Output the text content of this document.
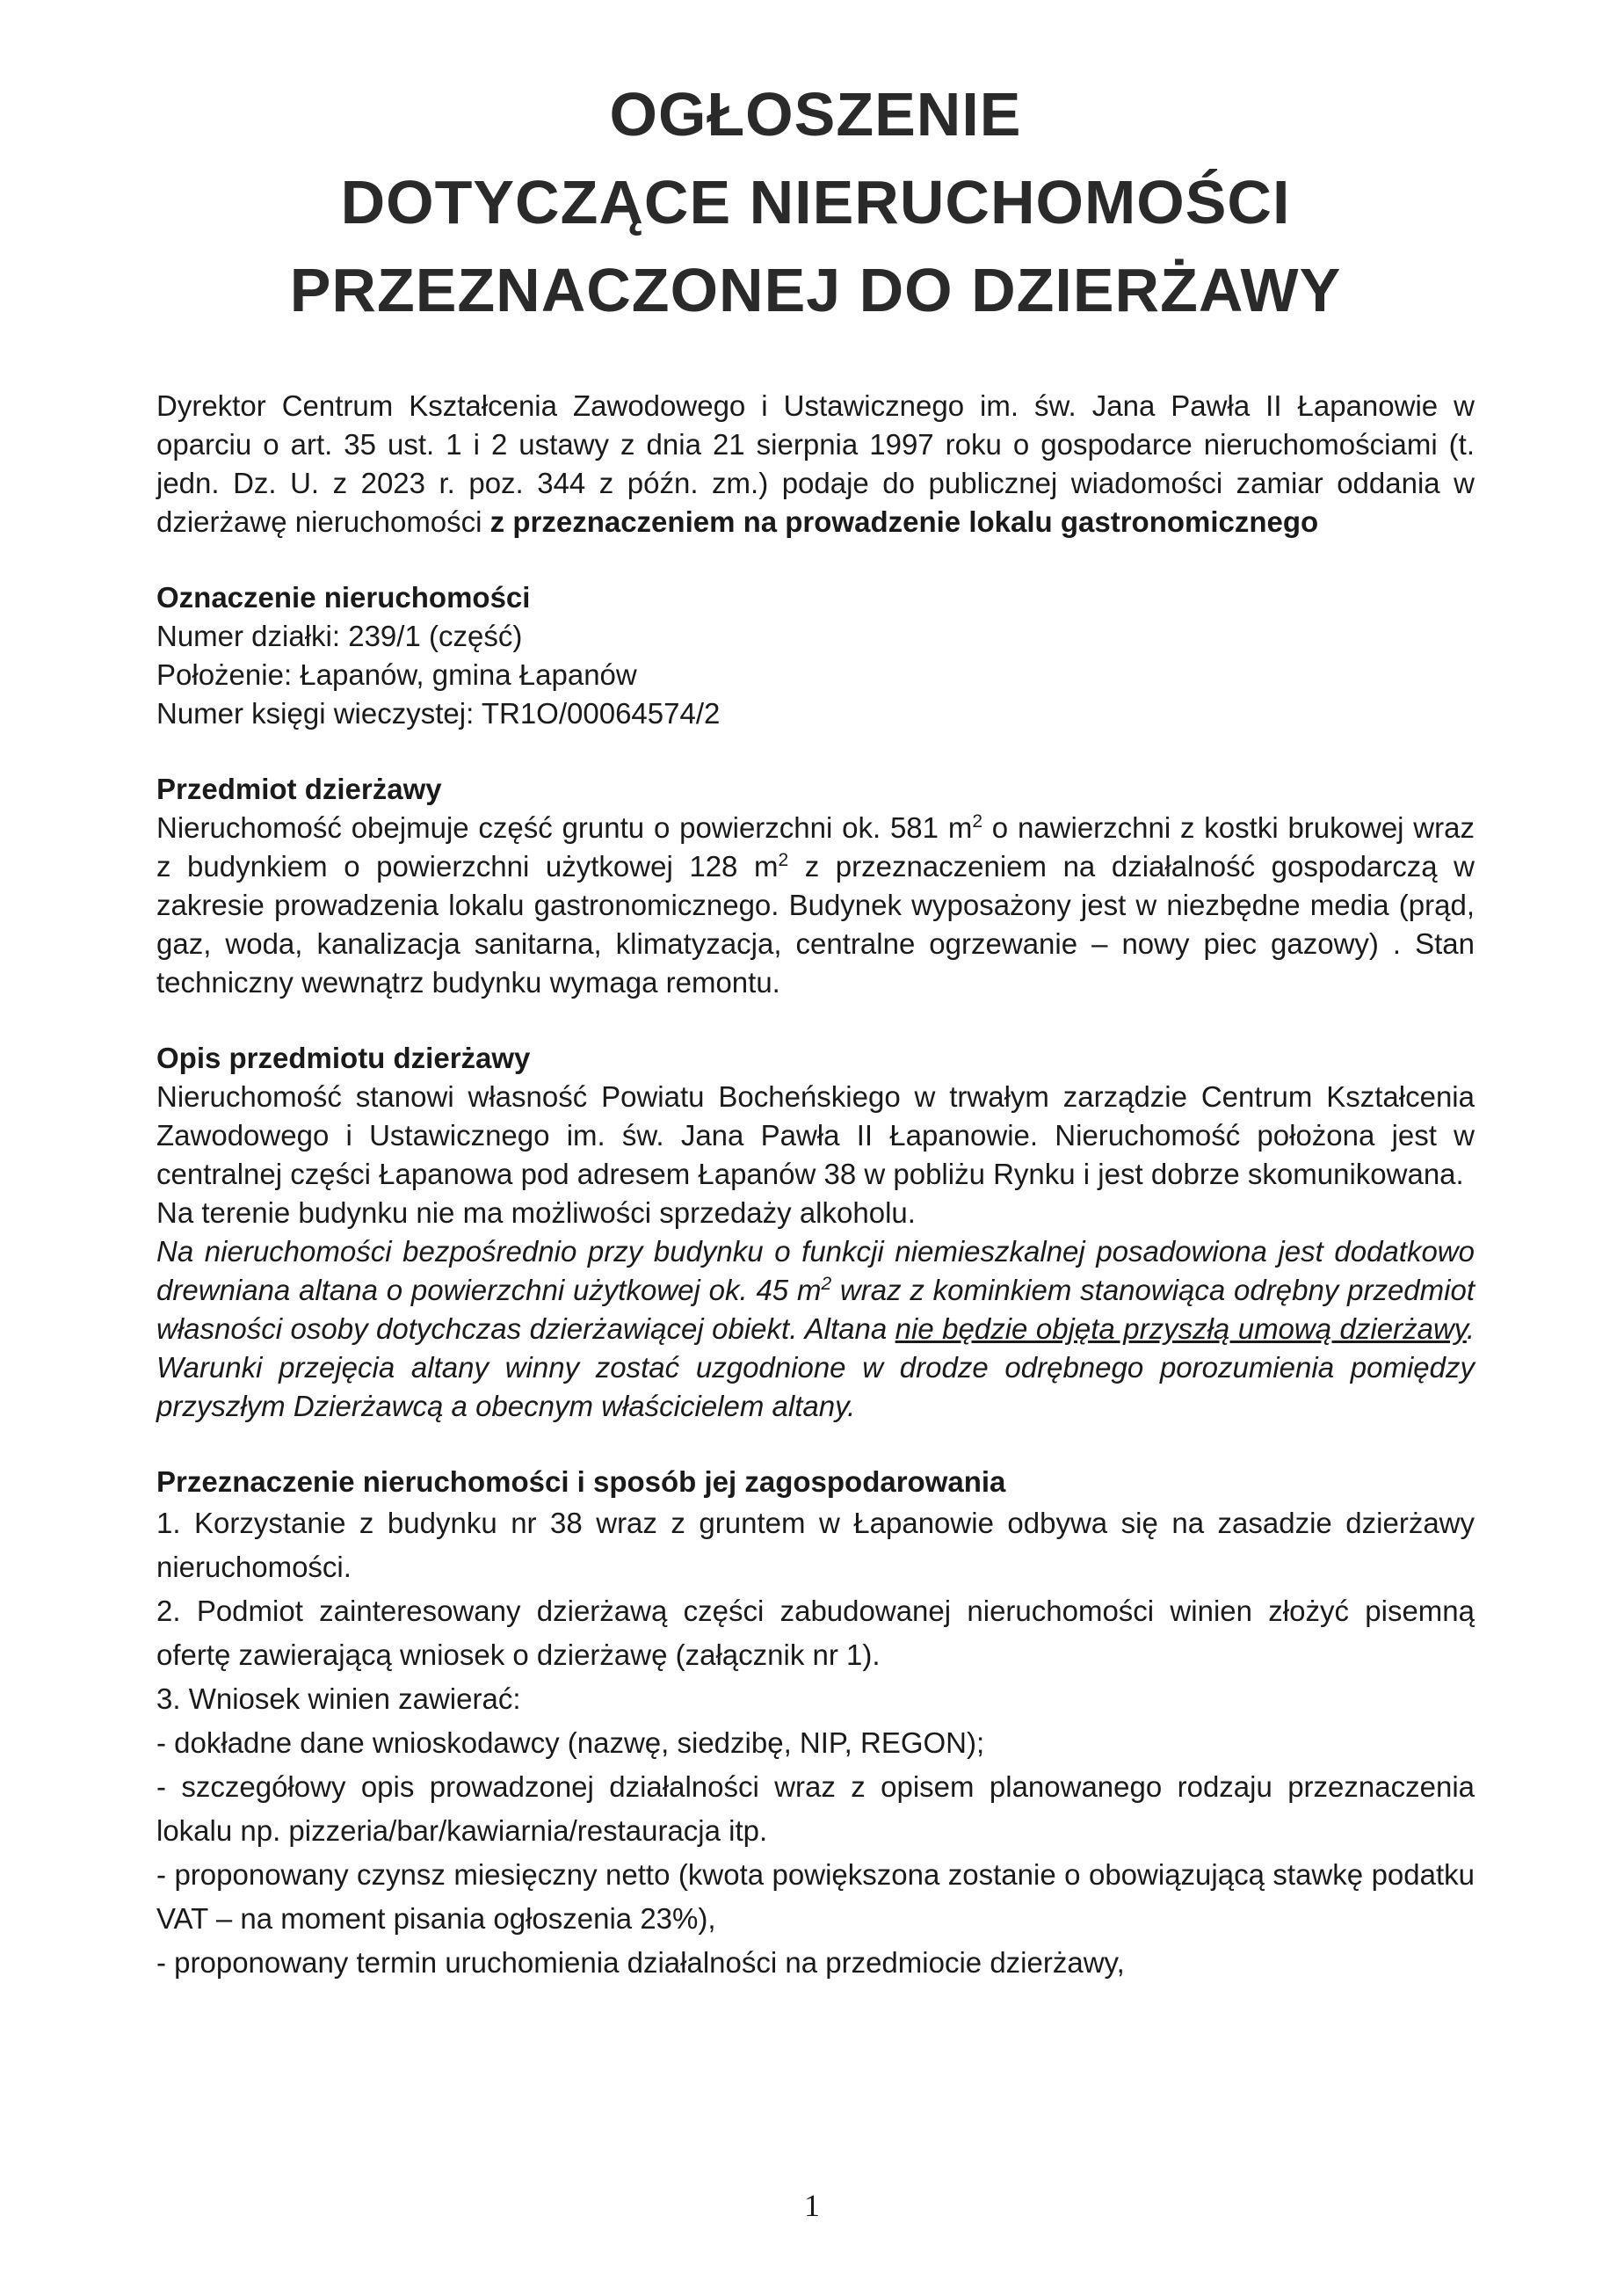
OGŁOSZENIE
DOTYCZĄCE NIERUCHOMOŚCI
PRZEZNACZONEJ DO DZIERŻAWY

Dyrektor Centrum Kształcenia Zawodowego i Ustawicznego im. św. Jana Pawła II Łapanowie w oparciu o art. 35 ust. 1 i 2 ustawy z dnia 21 sierpnia 1997 roku o gospodarce nieruchomościami (t. jedn. Dz. U. z 2023 r. poz. 344 z późn. zm.) podaje do publicznej wiadomości zamiar oddania w dzierżawę nieruchomości z przeznaczeniem na prowadzenie lokalu gastronomicznego

Oznaczenie nieruchomości

Numer działki: 239/1 (część)

Położenie: Łapanów, gmina Łapanów

Numer księgi wieczystej: TR1O/00064574/2

Przedmiot dzierżawy

Nieruchomość obejmuje część gruntu o powierzchni ok. 581 $m^2$ o nawierzchni z kostki brukowej wraz z budynkiem o powierzchni użytkowej 128 $m^2$ z przeznaczeniem na działalność gospodarczą w zakresie prowadzenia lokalu gastronomicznego. Budynek wyposażony jest w niezbędne media (prąd, gaz, woda, kanalizacja sanitarna, klimatyzacja, centralne ogrzewanie – nowy piec gazowy) . Stan techniczny wewnątrz budynku wymaga remontu.

Opis przedmiotu dzierżawy

Nieruchomość stanowi własność Powiatu Bocheńskiego w trwałym zarządzie Centrum Kształcenia Zawodowego i Ustawicznego im. św. Jana Pawła II Łapanowie. Nieruchomość położona jest w centralnej części Łapanowa pod adresem Łapanów 38 w pobliżu Rynku i jest dobrze skomunikowana.

Na terenie budynku nie ma możliwości sprzedaży alkoholu.

Na nieruchomości bezpośrednio przy budynku o funkcji niemieszkalnej posadowiona jest dodatkowo drewniana altana o powierzchni użytkowej ok. 45 $m^2$ wraz z kominkiem stanowiąca odrębny przedmiot własności osoby dotychczas dzierżawiącej obiekt. Altana nie będzie objęta przyszłą umową dzierżawy. Warunki przejęcia altany winny zostać uzgodnione w drodze odrębnego porozumienia pomiędzy przyszłym Dzierżawcą a obecnym właścicielem altany.

Przeznaczenie nieruchomości i sposób jej zagospodarowania

1. Korzystanie z budynku nr 38 wraz z gruntem w Łapanowie odbywa się na zasadzie dzierżawy nieruchomości.

2. Podmiot zainteresowany dzierżawą części zabudowanej nieruchomości winien złożyć pisemną ofertę zawierającą wniosek o dzierżawę (załącznik nr 1).

3. Wniosek winien zawierać:

- dokładne dane wnioskodawcy (nazwę, siedzibę, NIP, REGON);

- szczegółowy opis prowadzonej działalności wraz z opisem planowanego rodzaju przeznaczenia lokalu np. pizzeria/bar/kawiarnia/restauracja itp.

- proponowany czynsz miesięczny netto (kwota powiększona zostanie o obowiązującą stawkę podatku VAT – na moment pisania ogłoszenia 23%),

- proponowany termin uruchomienia działalności na przedmiocie dzierżawy,

1
